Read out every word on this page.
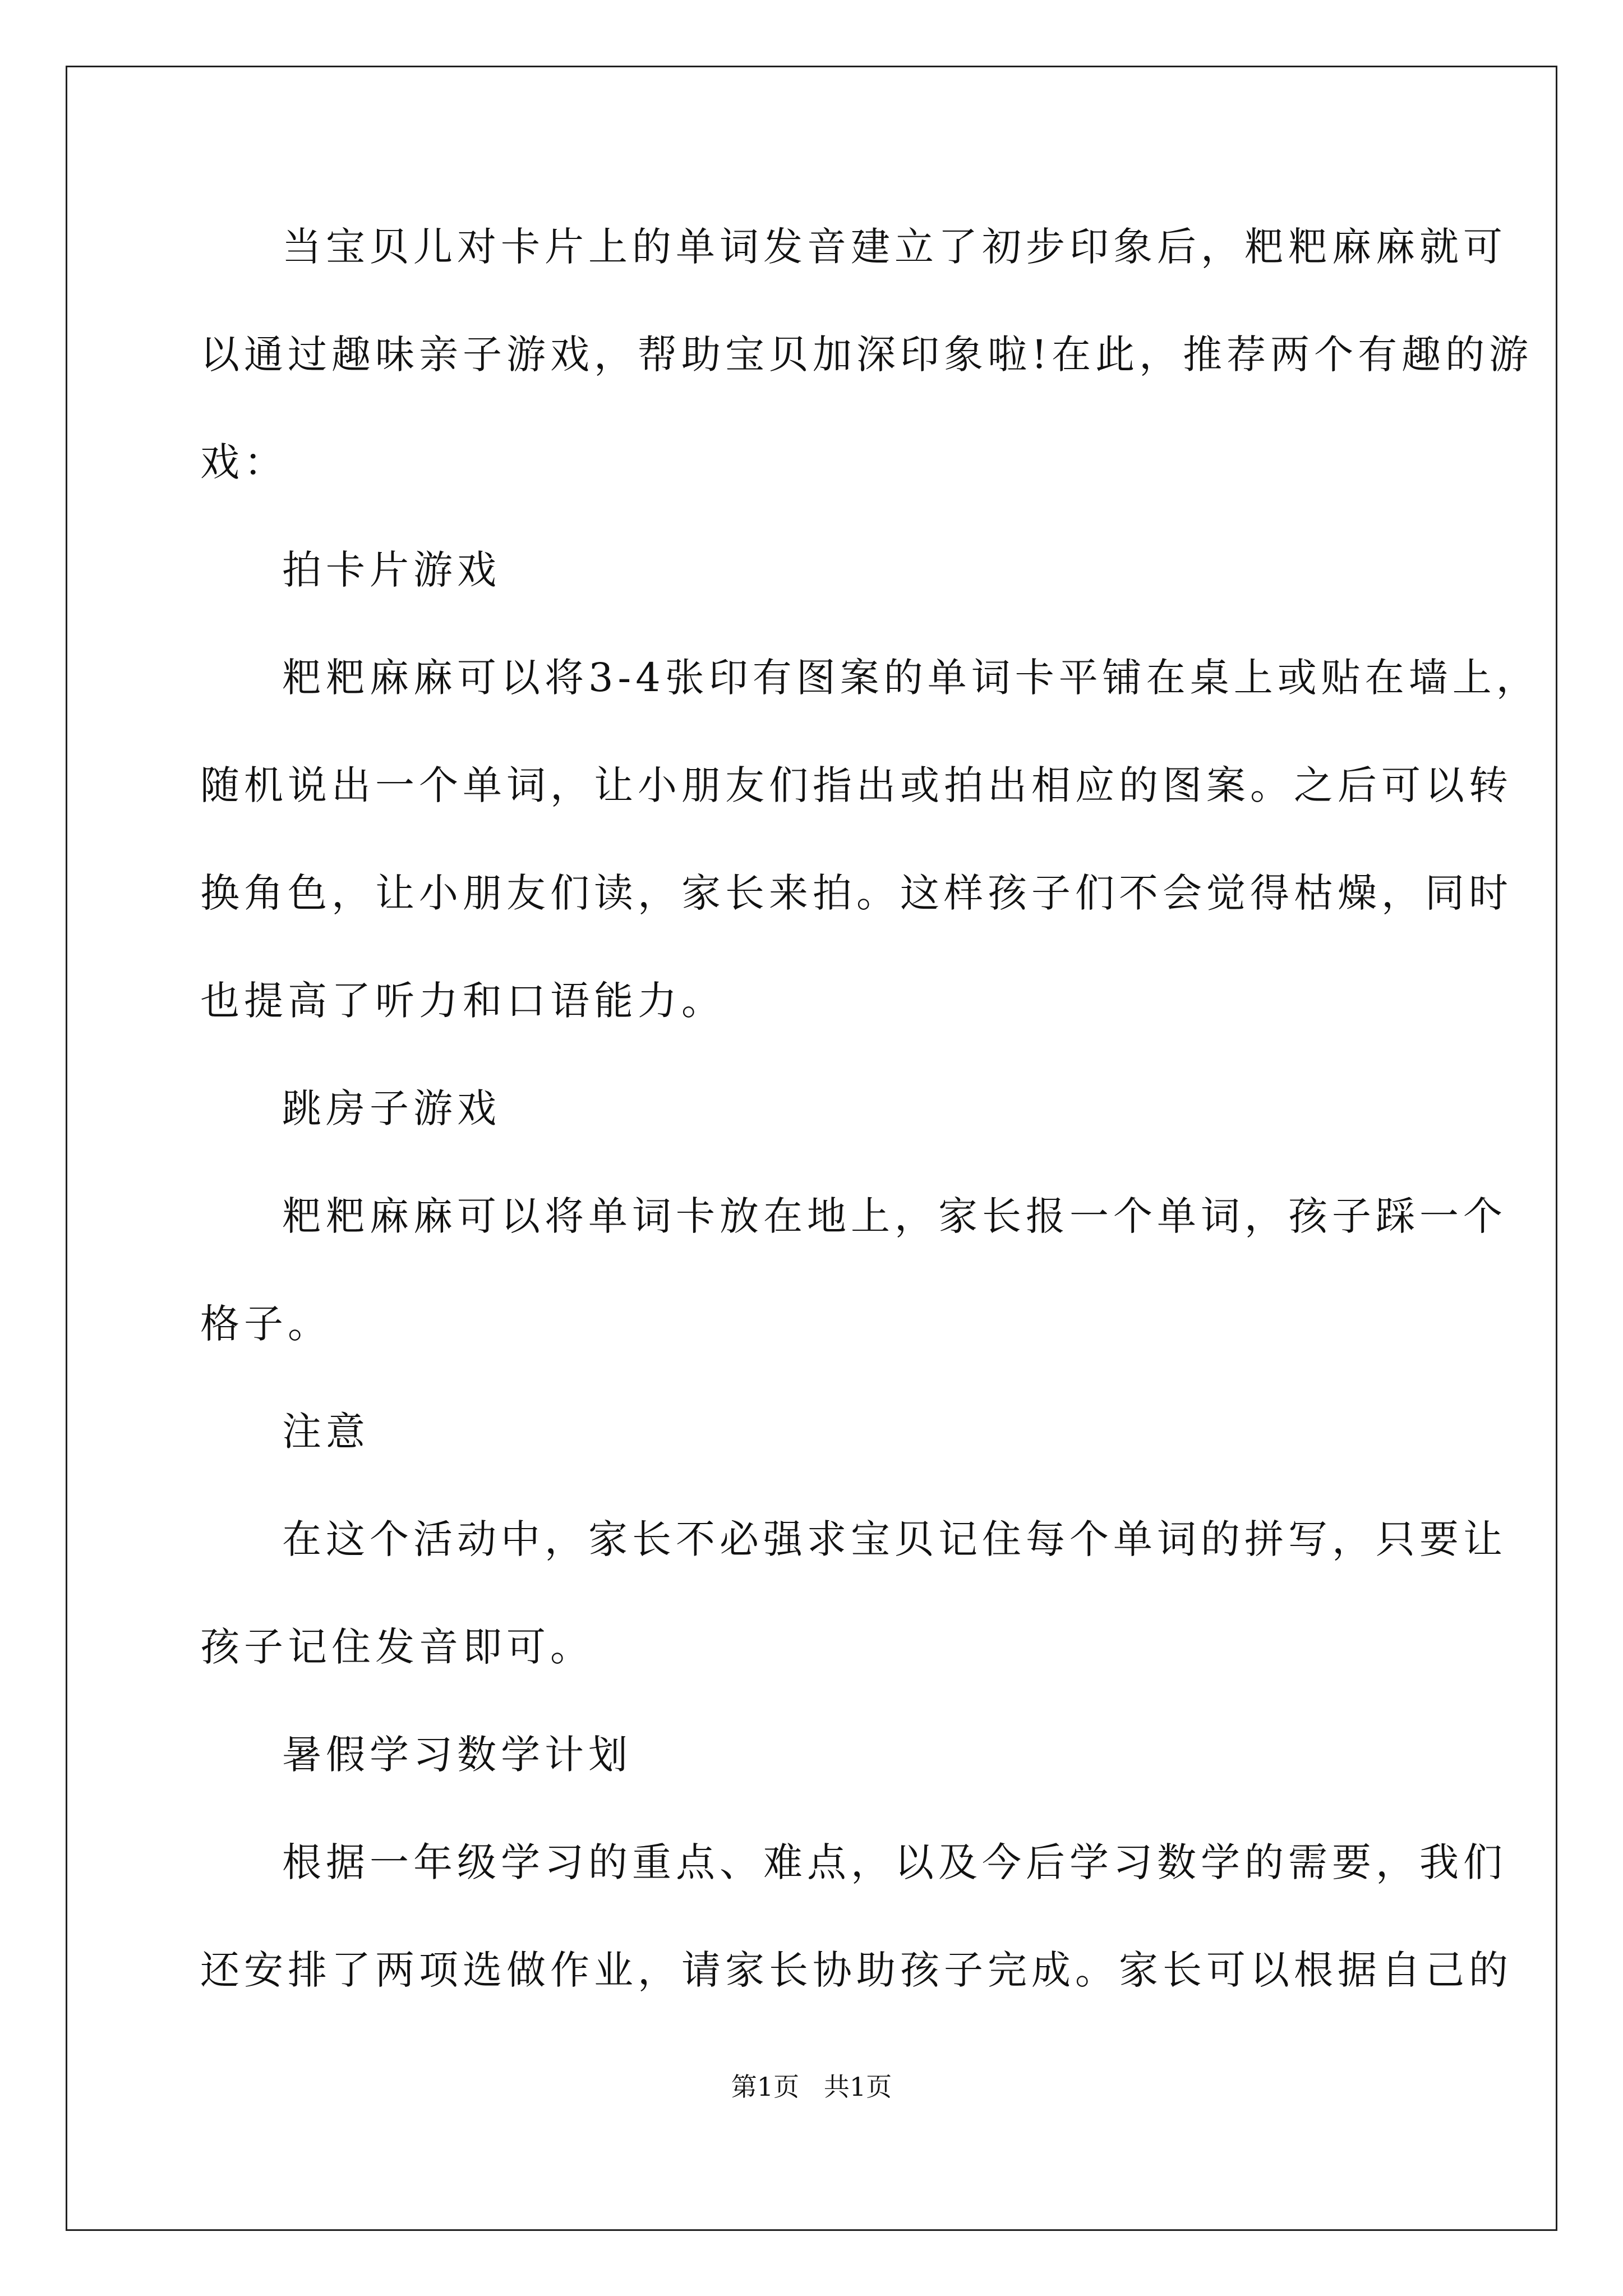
当宝贝儿对卡片上的单词发音建立了初步印象后，粑粑麻麻就可
以通过趣味亲子游戏，帮助宝贝加深印象啦!在此，推荐两个有趣的游
戏：
拍卡片游戏
粑粑麻麻可以将3-4张印有图案的单词卡平铺在桌上或贴在墙上，
随机说出一个单词，让小朋友们指出或拍出相应的图案。之后可以转
换角色，让小朋友们读，家长来拍。这样孩子们不会觉得枯燥，同时
也提高了听力和口语能力。
跳房子游戏
粑粑麻麻可以将单词卡放在地上，家长报一个单词，孩子踩一个
格子。
注意
在这个活动中，家长不必强求宝贝记住每个单词的拼写，只要让
孩子记住发音即可。
暑假学习数学计划
根据一年级学习的重点、难点，以及今后学习数学的需要，我们
还安排了两项选做作业，请家长协助孩子完成。家长可以根据自己的
第1页   共1页
